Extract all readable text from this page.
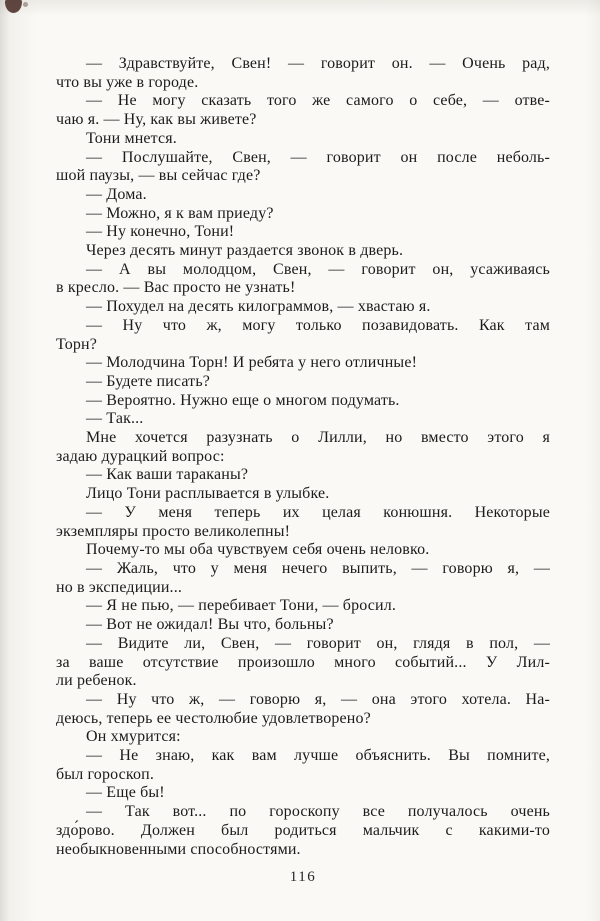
— Здравствуйте, Свен! — говорит он. — Очень рад,
что вы уже в городе.
— Не могу сказать того же самого о себе, — отве-
чаю я. — Ну, как вы живете?
Тони мнется.
— Послушайте, Свен, — говорит он после неболь-
шой паузы, — вы сейчас где?
— Дома.
— Можно, я к вам приеду?
— Ну конечно, Тони!
Через десять минут раздается звонок в дверь.
— А вы молодцом, Свен, — говорит он, усаживаясь
в кресло. — Вас просто не узнать!
— Похудел на десять килограммов, — хвастаю я.
— Ну что ж, могу только позавидовать. Как там
Торн?
— Молодчина Торн! И ребята у него отличные!
— Будете писать?
— Вероятно. Нужно еще о многом подумать.
— Так...
Мне хочется разузнать о Лилли, но вместо этого я
задаю дурацкий вопрос:
— Как ваши тараканы?
Лицо Тони расплывается в улыбке.
— У меня теперь их целая конюшня. Некоторые
экземпляры просто великолепны!
Почему-то мы оба чувствуем себя очень неловко.
— Жаль, что у меня нечего выпить, — говорю я, —
но в экспедиции...
— Я не пью, — перебивает Тони, — бросил.
— Вот не ожидал! Вы что, больны?
— Видите ли, Свен, — говорит он, глядя в пол, —
за ваше отсутствие произошло много событий... У Лил-
ли ребенок.
— Ну что ж, — говорю я, — она этого хотела. На-
деюсь, теперь ее честолюбие удовлетворено?
Он хмурится:
— Не знаю, как вам лучше объяснить. Вы помните,
был гороскоп.
— Еще бы!
— Так вот... по гороскопу все получалось очень
здо́рово. Должен был родиться мальчик с какими-то
необыкновенными способностями.
116
